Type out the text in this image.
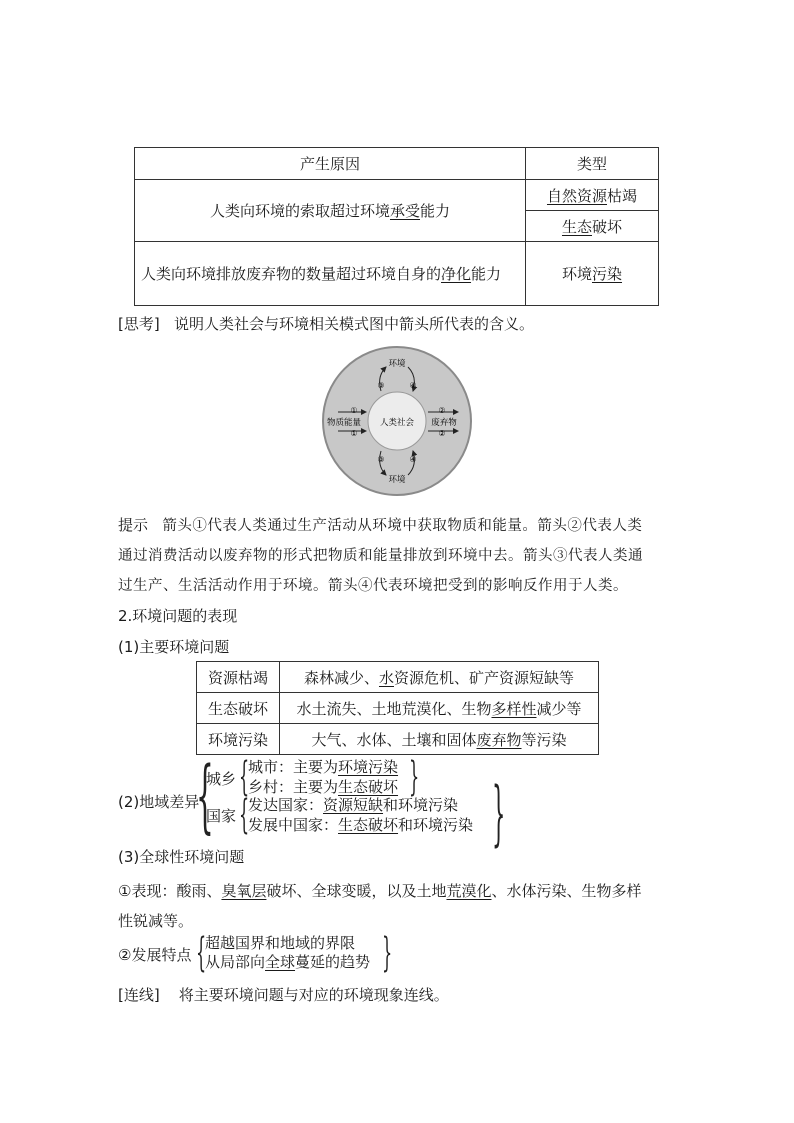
产生原因	类型
人类向环境的索取超过环境承受能力	自然资源枯竭
	生态破坏
人类向环境排放废弃物的数量超过环境自身的净化能力	环境污染
[思考] 说明人类社会与环境相关模式图中箭头所代表的含义。
环境
环境
人类社会
物质能量	废弃物
①
①
②
②
③	④
③	④
提示 箭头①代表人类通过生产活动从环境中获取物质和能量。箭头②代表人类
通过消费活动以废弃物的形式把物质和能量排放到环境中去。箭头③代表人类通
过生产、生活活动作用于环境。箭头④代表环境把受到的影响反作用于人类。
2.环境问题的表现
(1)主要环境问题
资源枯竭	森林减少、水资源危机、矿产资源短缺等
生态破坏	水土流失、土地荒漠化、生物多样性减少等
环境污染	大气、水体、土壤和固体废弃物等污染
(2)地域差异
{	}
城乡 {	}
城市：主要为环境污染
乡村：主要为生态破坏
国家 {
发达国家：资源短缺和环境污染
发展中国家：生态破坏和环境污染
(3)全球性环境问题
①表现：酸雨、臭氧层破坏、全球变暖，以及土地荒漠化、水体污染、生物多样
性锐减等。
②发展特点 {	}
超越国界和地域的界限
从局部向全球蔓延的趋势
[连线] 将主要环境问题与对应的环境现象连线。
